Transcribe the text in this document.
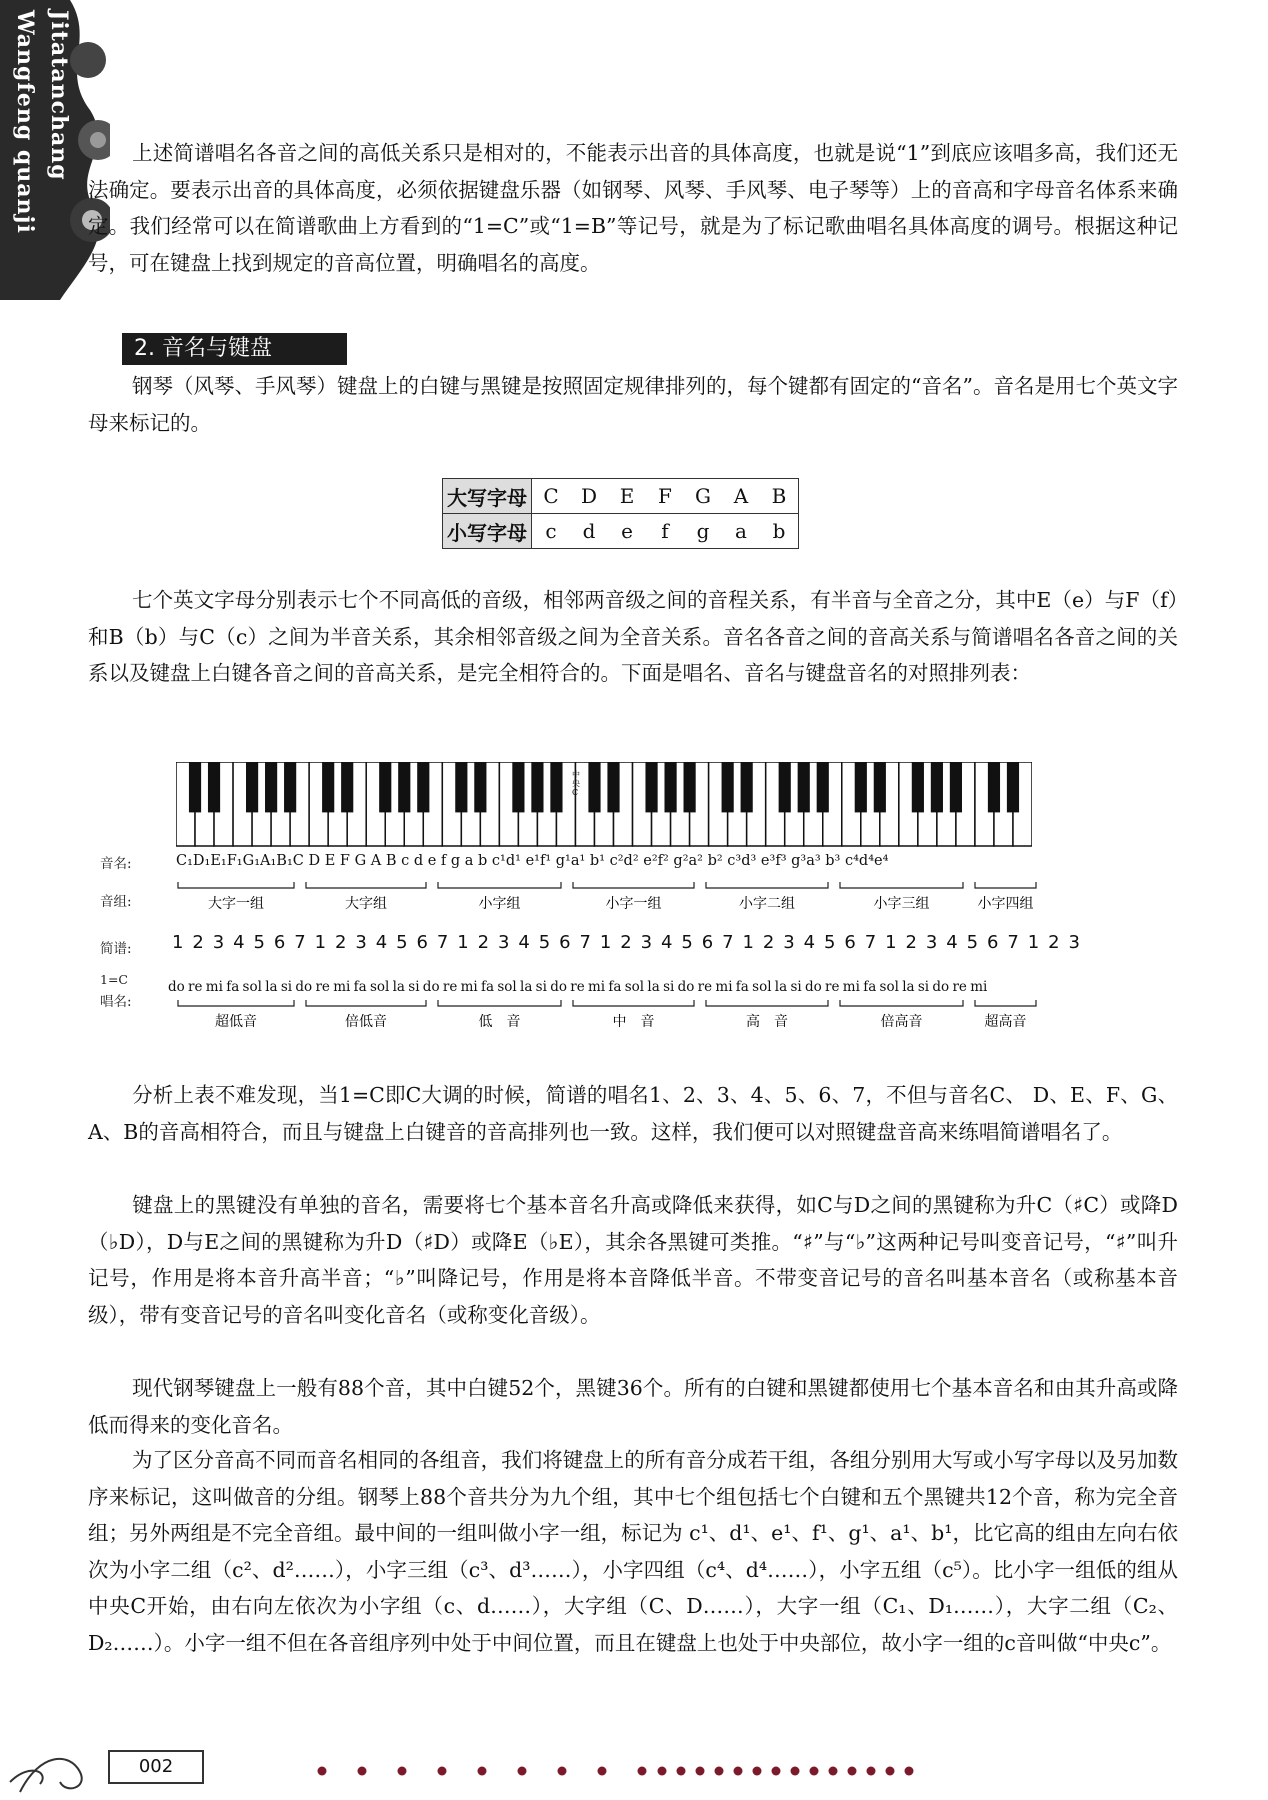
Jitatanchang Wangfeng quanji	上述简谱唱名各音之间的高低关系只是相对的，不能表示出音的具体高度，也就是说“1”到底应该唱多高，我们还无法确定。要表示出音的具体高度，必须依据键盘乐器（如钢琴、风琴、手风琴、电子琴等）上的音高和字母音名体系来确定。我们经常可以在简谱歌曲上方看到的“1=C”或“1=B”等记号，就是为了标记歌曲唱名具体高度的调号。根据这种记号，可在键盘上找到规定的音高位置，明确唱名的高度。

2. 音名与键盘

钢琴（风琴、手风琴）键盘上的白键与黑键是按照固定规律排列的，每个键都有固定的“音名”。音名是用七个英文字母来标记的。

大写字母	C	D	E	F	G	A	B
小写字母	c	d	e	f	g	a	b

七个英文字母分别表示七个不同高低的音级，相邻两音级之间的音程关系，有半音与全音之分，其中E（e）与F（f）和B（b）与C（c）之间为半音关系，其余相邻音级之间为全音关系。音名各音之间的音高关系与简谱唱名各音之间的关系以及键盘上白键各音之间的音高关系，是完全相符合的。下面是唱名、音名与键盘音名的对照排列表：

中央C
音名:	C₁D₁E₁F₁G₁A₁B₁C D E F G A B c d e f g a b c¹d¹ e¹f¹ g¹a¹ b¹ c²d² e²f² g²a² b² c³d³ e³f³ g³a³ b³ c⁴d⁴e⁴
音组:	大字一组	大字组	小字组	小字一组	小字二组	小字三组	小字四组
简谱: 1 2 3 4 5 6 7 1 2 3 4 5 6 7 1 2 3 4 5 6 7 1 2 3 4 5 6 7 1 2 3 4 5 6 7 1 2 3 4 5 6 7 1 2 3
1=C
唱名:
do re mi fa sol la si do re mi fa sol la si do re mi fa sol la si do re mi fa sol la si do re mi fa sol la si do re mi fa sol la si do re mi
超低音	倍低音	低　音	中　音	高　音	倍高音	超高音

分析上表不难发现，当1=C即C大调的时候，简谱的唱名1、2、3、4、5、6、7，不但与音名C、 D、E、F、G、A、B的音高相符合，而且与键盘上白键音的音高排列也一致。这样，我们便可以对照键盘音高来练唱简谱唱名了。

键盘上的黑键没有单独的音名，需要将七个基本音名升高或降低来获得，如C与D之间的黑键称为升C（♯C）或降D（♭D），D与E之间的黑键称为升D（♯D）或降E（♭E），其余各黑键可类推。“♯”与“♭”这两种记号叫变音记号，“♯”叫升记号，作用是将本音升高半音；“♭”叫降记号，作用是将本音降低半音。不带变音记号的音名叫基本音名（或称基本音级），带有变音记号的音名叫变化音名（或称变化音级）。

现代钢琴键盘上一般有88个音，其中白键52个，黑键36个。所有的白键和黑键都使用七个基本音名和由其升高或降低而得来的变化音名。

为了区分音高不同而音名相同的各组音，我们将键盘上的所有音分成若干组，各组分别用大写或小写字母以及另加数序来标记，这叫做音的分组。钢琴上88个音共分为九个组，其中七个组包括七个白键和五个黑键共12个音，称为完全音组；另外两组是不完全音组。最中间的一组叫做小字一组，标记为 c¹、d¹、e¹、f¹、g¹、a¹、b¹，比它高的组由左向右依次为小字二组（c²、d²……），小字三组（c³、d³……），小字四组（c⁴、d⁴……），小字五组（c⁵）。比小字一组低的组从中央C开始，由右向左依次为小字组（c、d……），大字组（C、D……），大字一组（C₁、D₁……），大字二组（C₂、D₂……）。小字一组不但在各音组序列中处于中间位置，而且在键盘上也处于中央部位，故小字一组的c音叫做“中央c”。

002
